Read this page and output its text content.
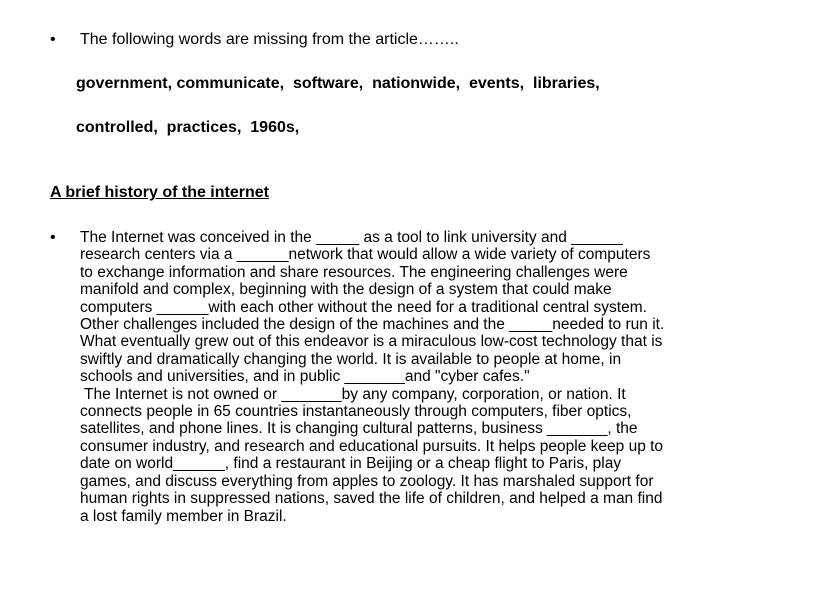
•	The following words are missing from the article……..
government, communicate,  software,  nationwide,  events,  libraries,
controlled,  practices,  1960s,
A brief history of the internet
•	The Internet was conceived in the _____ as a tool to link university and ______
research centers via a ______network that would allow a wide variety of computers
to exchange information and share resources. The engineering challenges were
manifold and complex, beginning with the design of a system that could make
computers ______with each other without the need for a traditional central system.
Other challenges included the design of the machines and the _____needed to run it.
What eventually grew out of this endeavor is a miraculous low-cost technology that is
swiftly and dramatically changing the world. It is available to people at home, in
schools and universities, and in public _______and "cyber cafes."
The Internet is not owned or _______by any company, corporation, or nation. It
connects people in 65 countries instantaneously through computers, fiber optics,
satellites, and phone lines. It is changing cultural patterns, business _______, the
consumer industry, and research and educational pursuits. It helps people keep up to
date on world______, find a restaurant in Beijing or a cheap flight to Paris, play
games, and discuss everything from apples to zoology. It has marshaled support for
human rights in suppressed nations, saved the life of children, and helped a man find
a lost family member in Brazil.
